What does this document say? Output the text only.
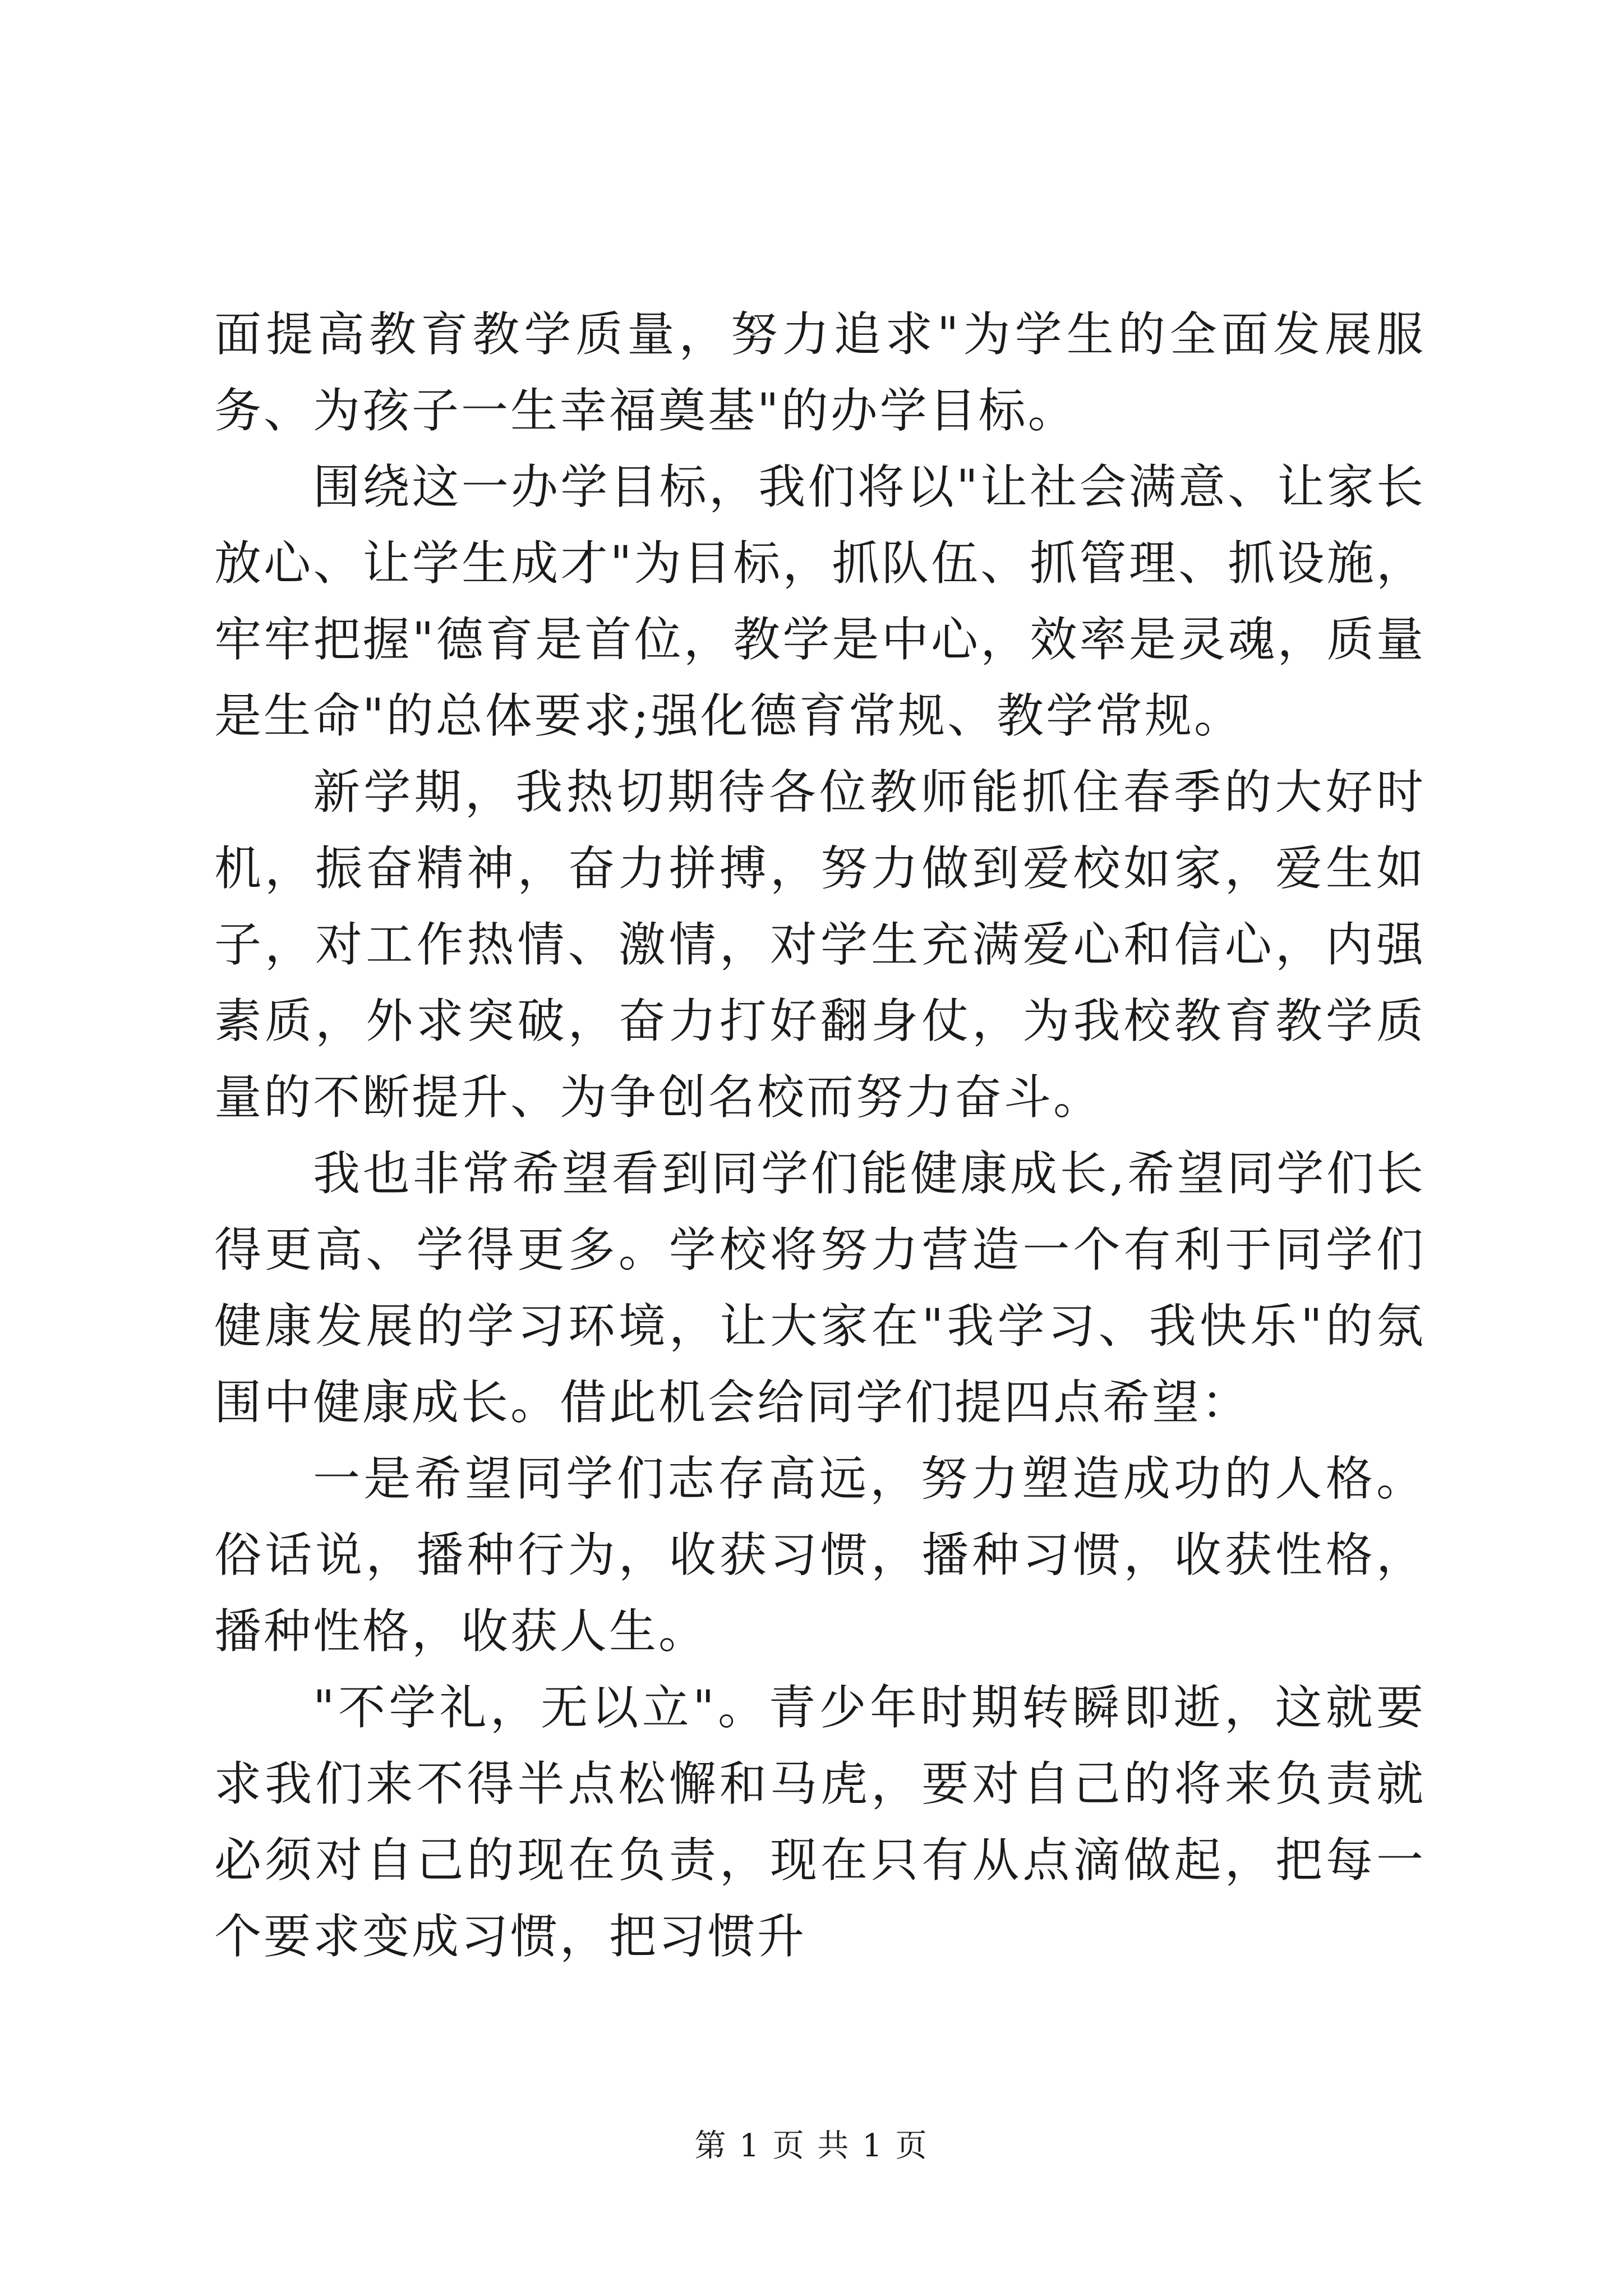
面提高教育教学质量，努力追求"为学生的全面发展服务、为孩子一生幸福奠基"的办学目标。

围绕这一办学目标，我们将以"让社会满意、让家长放心、让学生成才"为目标，抓队伍、抓管理、抓设施，牢牢把握"德育是首位，教学是中心，效率是灵魂，质量是生命"的总体要求;强化德育常规、教学常规。

新学期，我热切期待各位教师能抓住春季的大好时机，振奋精神，奋力拼搏，努力做到爱校如家，爱生如子，对工作热情、激情，对学生充满爱心和信心，内强素质，外求突破，奋力打好翻身仗，为我校教育教学质量的不断提升、为争创名校而努力奋斗。

我也非常希望看到同学们能健康成长,希望同学们长得更高、学得更多。学校将努力营造一个有利于同学们健康发展的学习环境，让大家在"我学习、我快乐"的氛围中健康成长。借此机会给同学们提四点希望：

一是希望同学们志存高远，努力塑造成功的人格。俗话说，播种行为，收获习惯，播种习惯，收获性格，播种性格，收获人生。

"不学礼，无以立"。青少年时期转瞬即逝，这就要求我们来不得半点松懈和马虎，要对自己的将来负责就必须对自己的现在负责，现在只有从点滴做起，把每一个要求变成习惯，把习惯升

第 1 页 共 1 页
